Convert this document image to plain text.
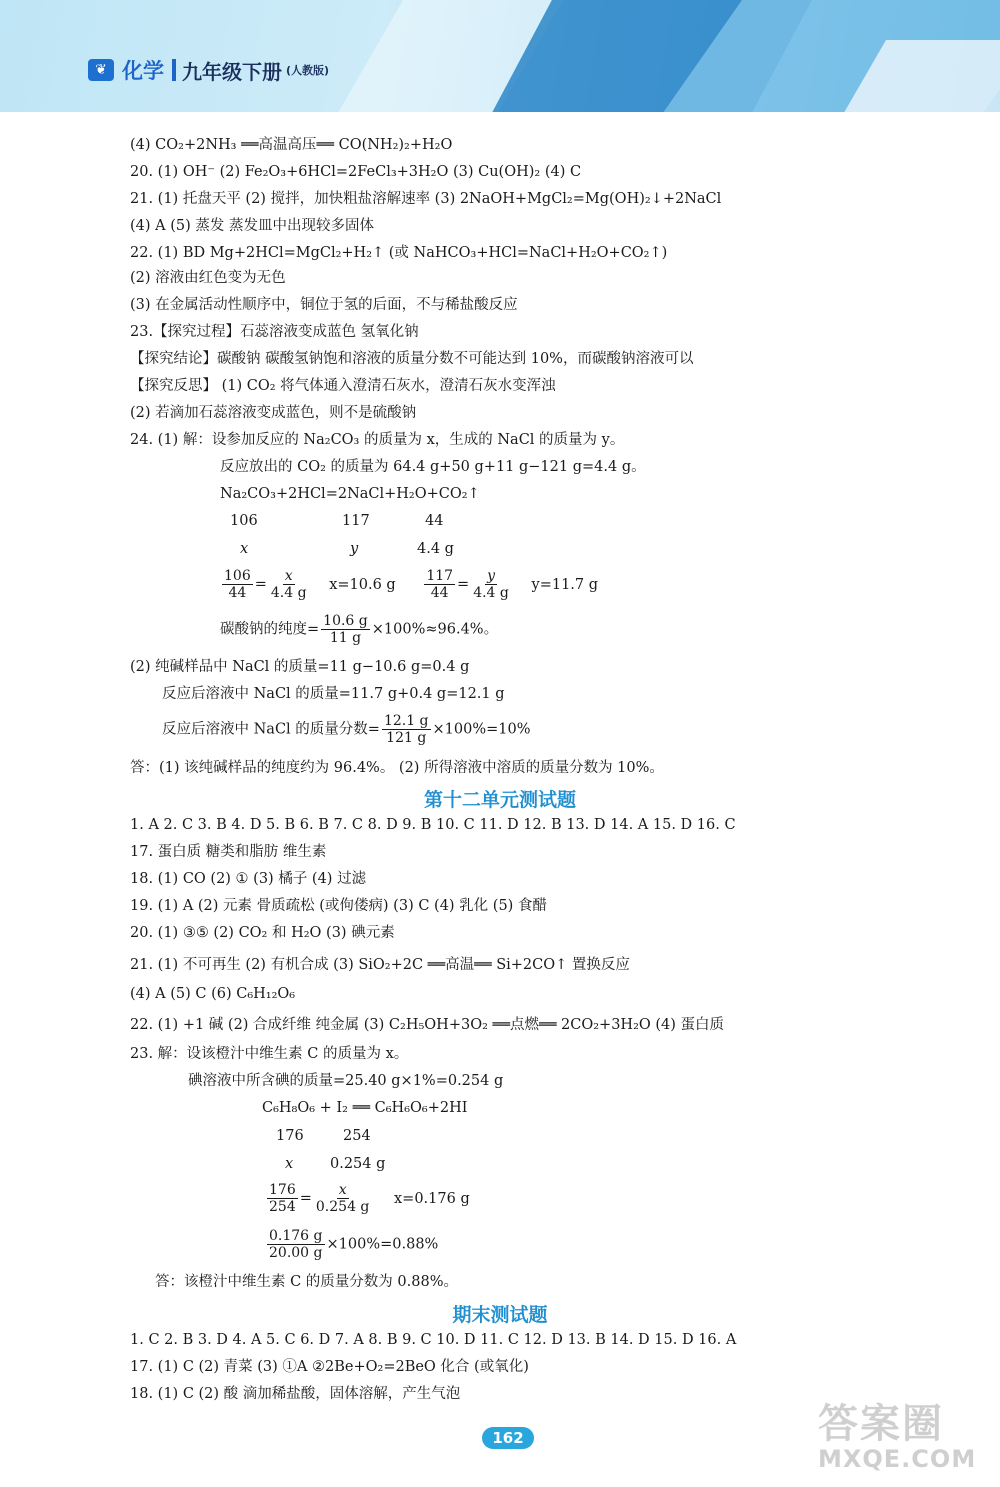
❦ 化学 九年级下册 (人教版)
(4) CO₂+2NH₃ ══高温高压══ CO(NH₂)₂+H₂O
20. (1) OH⁻ (2) Fe₂O₃+6HCl=2FeCl₃+3H₂O (3) Cu(OH)₂ (4) C
21. (1) 托盘天平 (2) 搅拌，加快粗盐溶解速率 (3) 2NaOH+MgCl₂=Mg(OH)₂↓+2NaCl
(4) A (5) 蒸发 蒸发皿中出现较多固体
22. (1) BD Mg+2HCl=MgCl₂+H₂↑ (或 NaHCO₃+HCl=NaCl+H₂O+CO₂↑)
(2) 溶液由红色变为无色
(3) 在金属活动性顺序中，铜位于氢的后面，不与稀盐酸反应
23.【探究过程】石蕊溶液变成蓝色 氢氧化钠
【探究结论】碳酸钠 碳酸氢钠饱和溶液的质量分数不可能达到 10%，而碳酸钠溶液可以
【探究反思】 (1) CO₂ 将气体通入澄清石灰水，澄清石灰水变浑浊
(2) 若滴加石蕊溶液变成蓝色，则不是硫酸钠
24. (1) 解：设参加反应的 Na₂CO₃ 的质量为 x，生成的 NaCl 的质量为 y。
反应放出的 CO₂ 的质量为 64.4 g+50 g+11 g−121 g=4.4 g。
Na₂CO₃+2HCl=2NaCl+H₂O+CO₂↑
106	117	44
x	y	4.4 g
$\frac{106}{44} = \frac{x}{4.4 g} x=10.6$ g $\frac{117}{44} = \frac{y}{4.4 g} y=11.7$ g
碳酸钠的纯度= $\frac{10.6 g}{11 g} \times 100\%\approx 96.4\%$。
(2) 纯碱样品中 NaCl 的质量=11 g−10.6 g=0.4 g
反应后溶液中 NaCl 的质量=11.7 g+0.4 g=12.1 g
反应后溶液中 NaCl 的质量分数= $\frac{12.1 g}{121 g} \times 100\%=10\%$
答：(1) 该纯碱样品的纯度约为 96.4%。 (2) 所得溶液中溶质的质量分数为 10%。
第十二单元测试题
1. A 2. C 3. B 4. D 5. B 6. B 7. C 8. D 9. B 10. C 11. D 12. B 13. D 14. A 15. D 16. C
17. 蛋白质 糖类和脂肪 维生素
18. (1) CO (2) ① (3) 橘子 (4) 过滤
19. (1) A (2) 元素 骨质疏松 (或佝偻病) (3) C (4) 乳化 (5) 食醋
20. (1) ③⑤ (2) CO₂ 和 H₂O (3) 碘元素
21. (1) 不可再生 (2) 有机合成 (3) SiO₂+2C ══高温══ Si+2CO↑ 置换反应
(4) A (5) C (6) C₆H₁₂O₆
22. (1) +1 碱 (2) 合成纤维 纯金属 (3) C₂H₅OH+3O₂ ══点燃══ 2CO₂+3H₂O (4) 蛋白质
23. 解：设该橙汁中维生素 C 的质量为 x。
碘溶液中所含碘的质量=25.40 g×1%=0.254 g
C₆H₈O₆ + I₂ ══ C₆H₆O₆+2HI
176	254
x	0.254 g
$\frac{176}{254} = \frac{x}{0.254 g} x=0.176$ g
$\frac{0.176 g}{20.00 g} \times 100\%=0.88\%$
答：该橙汁中维生素 C 的质量分数为 0.88%。
期末测试题
1. C 2. B 3. D 4. A 5. C 6. D 7. A 8. B 9. C 10. D 11. C 12. D 13. B 14. D 15. D 16. A
17. (1) C (2) 青菜 (3) ①A ②2Be+O₂=2BeO 化合 (或氧化)
18. (1) C (2) 酸 滴加稀盐酸，固体溶解，产生气泡
162	答案圈
MXQE.COM
